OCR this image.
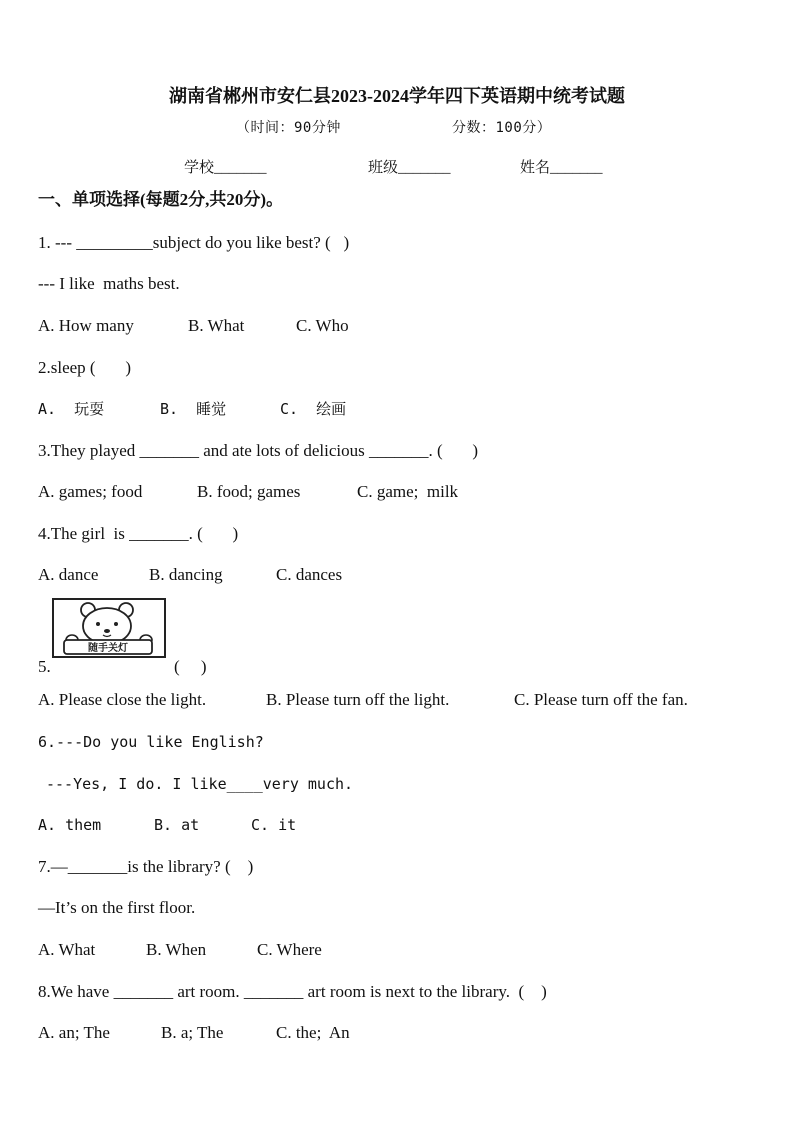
湖南省郴州市安仁县2023-2024学年四下英语期中统考试题
（时间：90分钟	分数：100分）
学校_______	班级_______	姓名_______
一、单项选择(每题2分,共20分)。
1. --- _________subject do you like best? (   )
--- I like  maths best.
A. How many	B. What	C. Who
2.sleep (       )
A.  玩耍	B.  睡觉	C.  绘画
3.They played _______ and ate lots of delicious _______. (       )
A. games; food	B. food; games	C. game;  milk
4.The girl  is _______. (       )
A. dance	B. dancing	C. dances
随手关灯
5.	(     )
A. Please close the light.	B. Please turn off the light.	C. Please turn off the fan.
6.---Do you like English?
---Yes, I do. I like____very much.
A. them	B. at	C. it
7.—_______is the library? (    )
—It’s on the first floor.
A. What	B. When	C. Where
8.We have _______ art room. _______ art room is next to the library.  (    )
A. an; The	B. a; The	C. the;  An
